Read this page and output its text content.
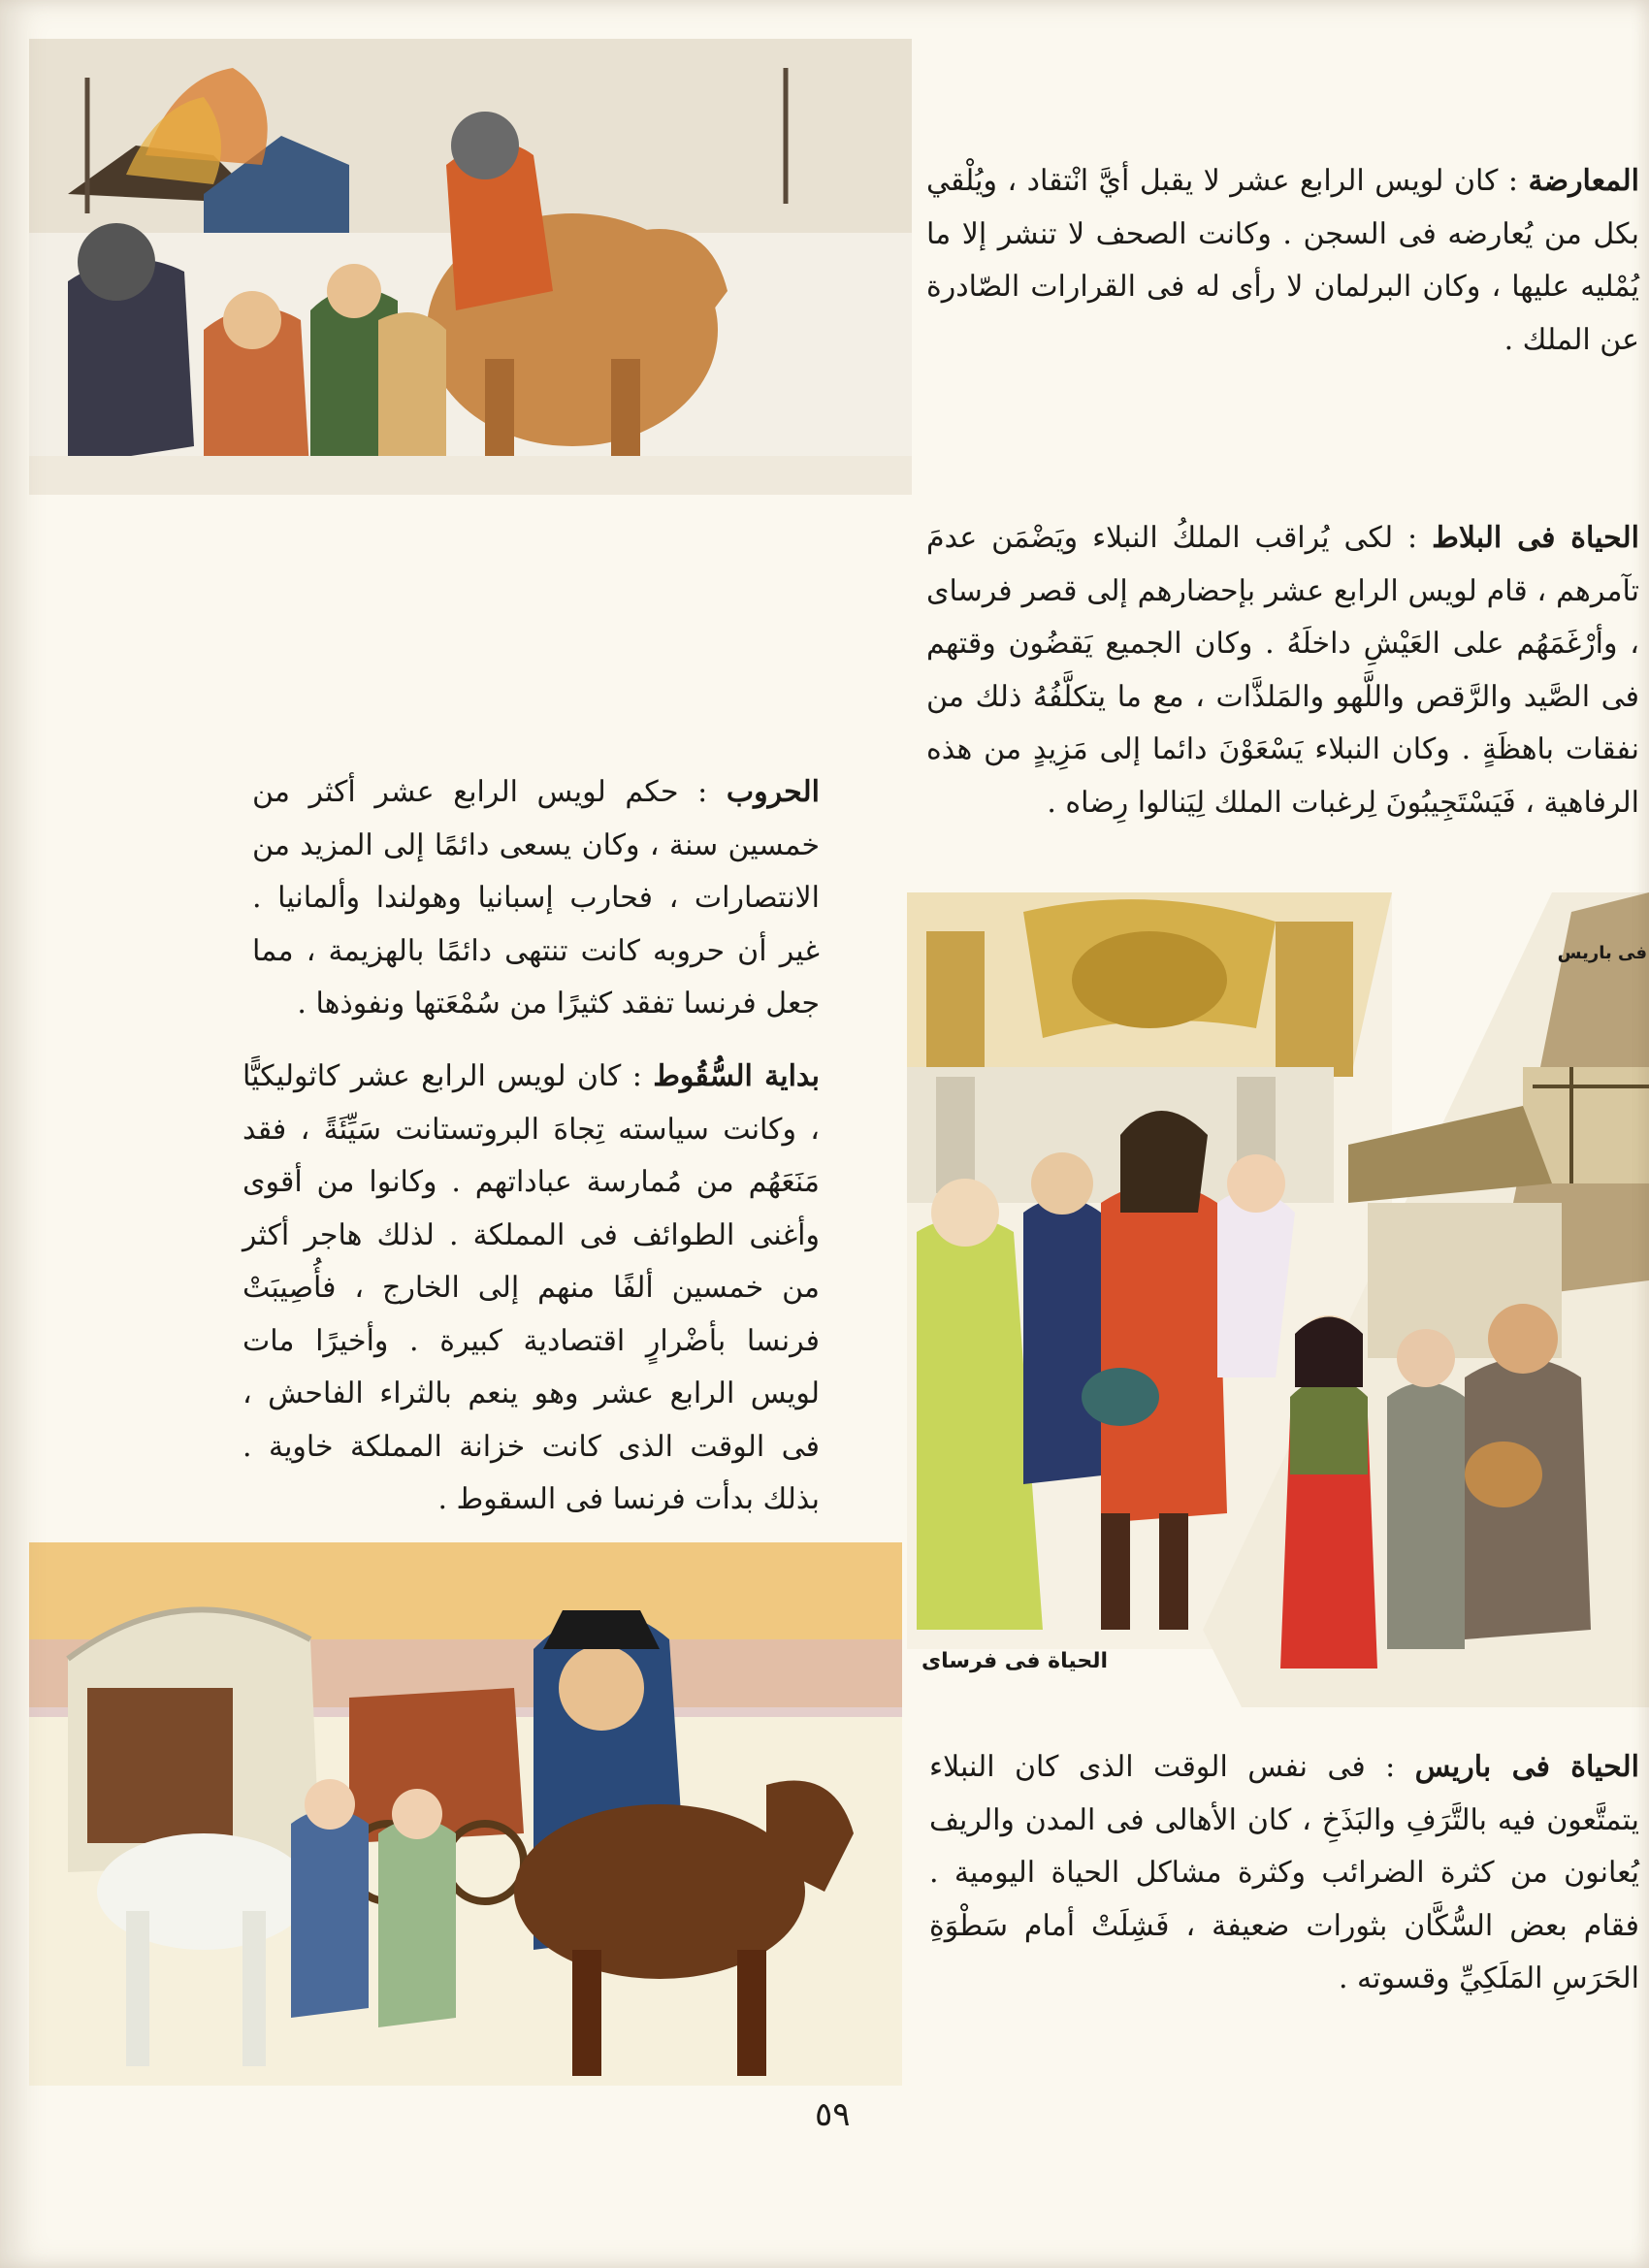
المعارضة : كان لويس الرابع عشر لا يقبل أيَّ انْتقاد ، ويُلْقي بكل من يُعارضه فى السجن . وكانت الصحف لا تنشر إلا ما يُمْليه عليها ، وكان البرلمان لا رأى له فى القرارات الصّادرة عن الملك .

الحياة فى البلاط : لكى يُراقب الملكُ النبلاء ويَضْمَن عدمَ تآمرهم ، قام لويس الرابع عشر بإحضارهم إلى قصر فرساى ، وأرْغَمَهُم على العَيْشِ داخلَهُ . وكان الجميع يَقضُون وقتهم فى الصَّيد والرَّقص واللَّهو والمَلذَّات ، مع ما يتكلَّفُهُ ذلك من نفقات باهظَةٍ . وكان النبلاء يَسْعَوْنَ دائما إلى مَزِيدٍ من هذه الرفاهية ، فَيَسْتَجِيبُونَ لِرغبات الملك لِيَنالوا رِضاه .

الحروب : حكم لويس الرابع عشر أكثر من خمسين سنة ، وكان يسعى دائمًا إلى المزيد من الانتصارات ، فحارب إسبانيا وهولندا وألمانيا . غير أن حروبه كانت تنتهى دائمًا بالهزيمة ، مما جعل فرنسا تفقد كثيرًا من سُمْعَتها ونفوذها .

بداية السُّقُوط : كان لويس الرابع عشر كاثوليكيًّا ، وكانت سياسته تِجاهَ البروتستانت سَيِّئَةً ، فقد مَنَعَهُم من مُمارسة عباداتهم . وكانوا من أقوى وأغنى الطوائف فى المملكة . لذلك هاجر أكثر من خمسين ألفًا منهم إلى الخارج ، فأُصِيبَتْ فرنسا بأضْرارٍ اقتصادية كبيرة . وأخيرًا مات لويس الرابع عشر وهو ينعم بالثراء الفاحش ، فى الوقت الذى كانت خزانة المملكة خاوية . بذلك بدأت فرنسا فى السقوط .

الحياة فى فرساى
فى باريس

الحياة فى باريس : فى نفس الوقت الذى كان النبلاء يتمتَّعون فيه بالتَّرَفِ والبَذَخِ ، كان الأهالى فى المدن والريف يُعانون من كثرة الضرائب وكثرة مشاكل الحياة اليومية . فقام بعض السُّكَّان بثورات ضعيفة ، فَشِلَتْ أمام سَطْوَةِ الحَرَسِ المَلَكِيِّ وقسوته .

٥٩
